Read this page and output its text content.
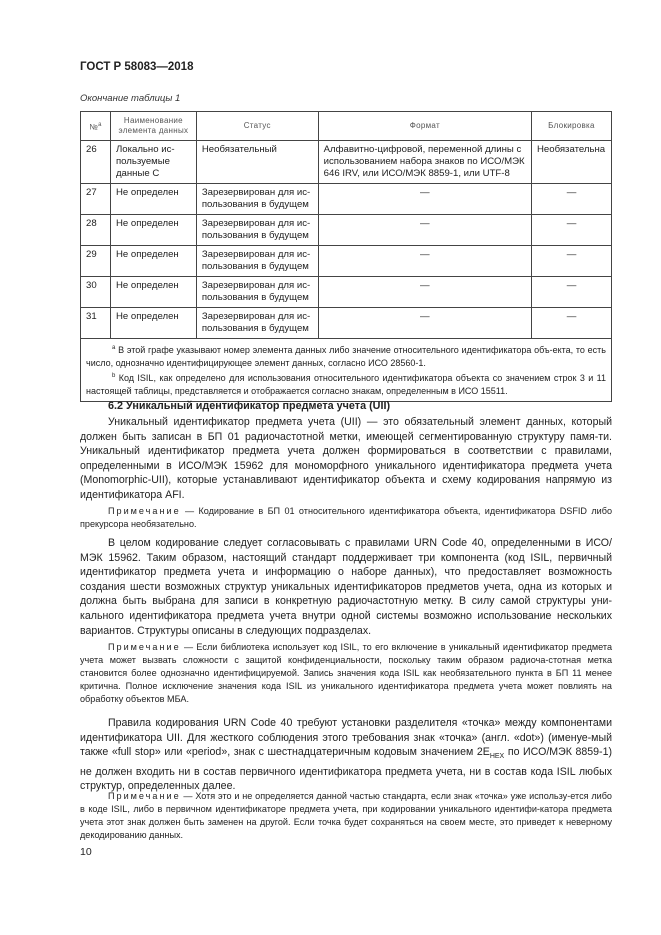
ГОСТ Р 58083—2018
Окончание таблицы 1
№$^a$	Наименование элемента данных	Статус	Формат	Блокировка
26	Локально ис-пользуемые данные C	Необязательный	Алфавитно-цифровой, переменной длины с использованием набора знаков по ИСО/МЭК 646 IRV, или ИСО/МЭК 8859-1, или UTF-8	Необязательна
27	Не определен	Зарезервирован для ис-пользования в будущем	—	—
28	Не определен	Зарезервирован для ис-пользования в будущем	—	—
29	Не определен	Зарезервирован для ис-пользования в будущем	—	—
30	Не определен	Зарезервирован для ис-пользования в будущем	—	—
31	Не определен	Зарезервирован для ис-пользования в будущем	—	—

$^a$ В этой графе указывают номер элемента данных либо значение относительного идентификатора объ-екта, то есть число, однозначно идентифицирующее элемент данных, согласно ИСО 28560-1.
$^b$ Код ISIL, как определено для использования относительного идентификатора объекта со значением строк 3 и 11 настоящей таблицы, представляется и отображается согласно знакам, определенным в ИСО 15511.				
6.2 Уникальный идентификатор предмета учета (UII)
Уникальный идентификатор предмета учета (UII) — это обязательный элемент данных, который должен быть записан в БП 01 радиочастотной метки, имеющей сегментированную структуру памя-ти. Уникальный идентификатор предмета учета должен формироваться в соответствии с правилами, определенными в ИСО/МЭК 15962 для мономорфного уникального идентификатора предмета учета (Monomorphic-UII), которые устанавливают идентификатор объекта и схему кодирования напрямую из идентификатора AFI.
Примечание — Кодирование в БП 01 относительного идентификатора объекта, идентификатора DSFID либо прекурсора необязательно.
В целом кодирование следует согласовывать с правилами URN Code 40, определенными в ИСО/МЭК 15962. Таким образом, настоящий стандарт поддерживает три компонента (код ISIL, первичный идентификатор предмета учета и информацию о наборе данных), что предоставляет возможность создания шести возможных структур уникальных идентификаторов предметов учета, одна из которых и должна быть выбрана для записи в конкретную радиочастотную метку. В силу самой структуры уни-кального идентификатора предмета учета внутри одной системы возможно использование нескольких вариантов. Структуры описаны в следующих подразделах.
Примечание — Если библиотека использует код ISIL, то его включение в уникальный идентификатор предмета учета может вызвать сложности с защитой конфиденциальности, поскольку таким образом радиоча-стотная метка становится более однозначно идентифицируемой. Запись значения кода ISIL как необязательного пункта в БП 11 менее критична. Полное исключение значения кода ISIL из уникального идентификатора предмета учета может повлиять на обработку объектов МБА.
Правила кодирования URN Code 40 требуют установки разделителя «точка» между компонентами идентификатора UII. Для жесткого соблюдения этого требования знак «точка» (англ. «dot») (именуе-мый также «full stop» или «period», знак с шестнадцатеричным кодовым значением $2E_{HEX}$ по ИСО/МЭК 8859-1) не должен входить ни в состав первичного идентификатора предмета учета, ни в состав кода ISIL любых структур, определенных далее.
Примечание — Хотя это и не определяется данной частью стандарта, если знак «точка» уже использу-ется либо в коде ISIL, либо в первичном идентификаторе предмета учета, при кодировании уникального идентифи-катора предмета учета этот знак должен быть заменен на другой. Если точка будет сохраняться на своем месте, это приведет к неверному декодированию данных.
10
